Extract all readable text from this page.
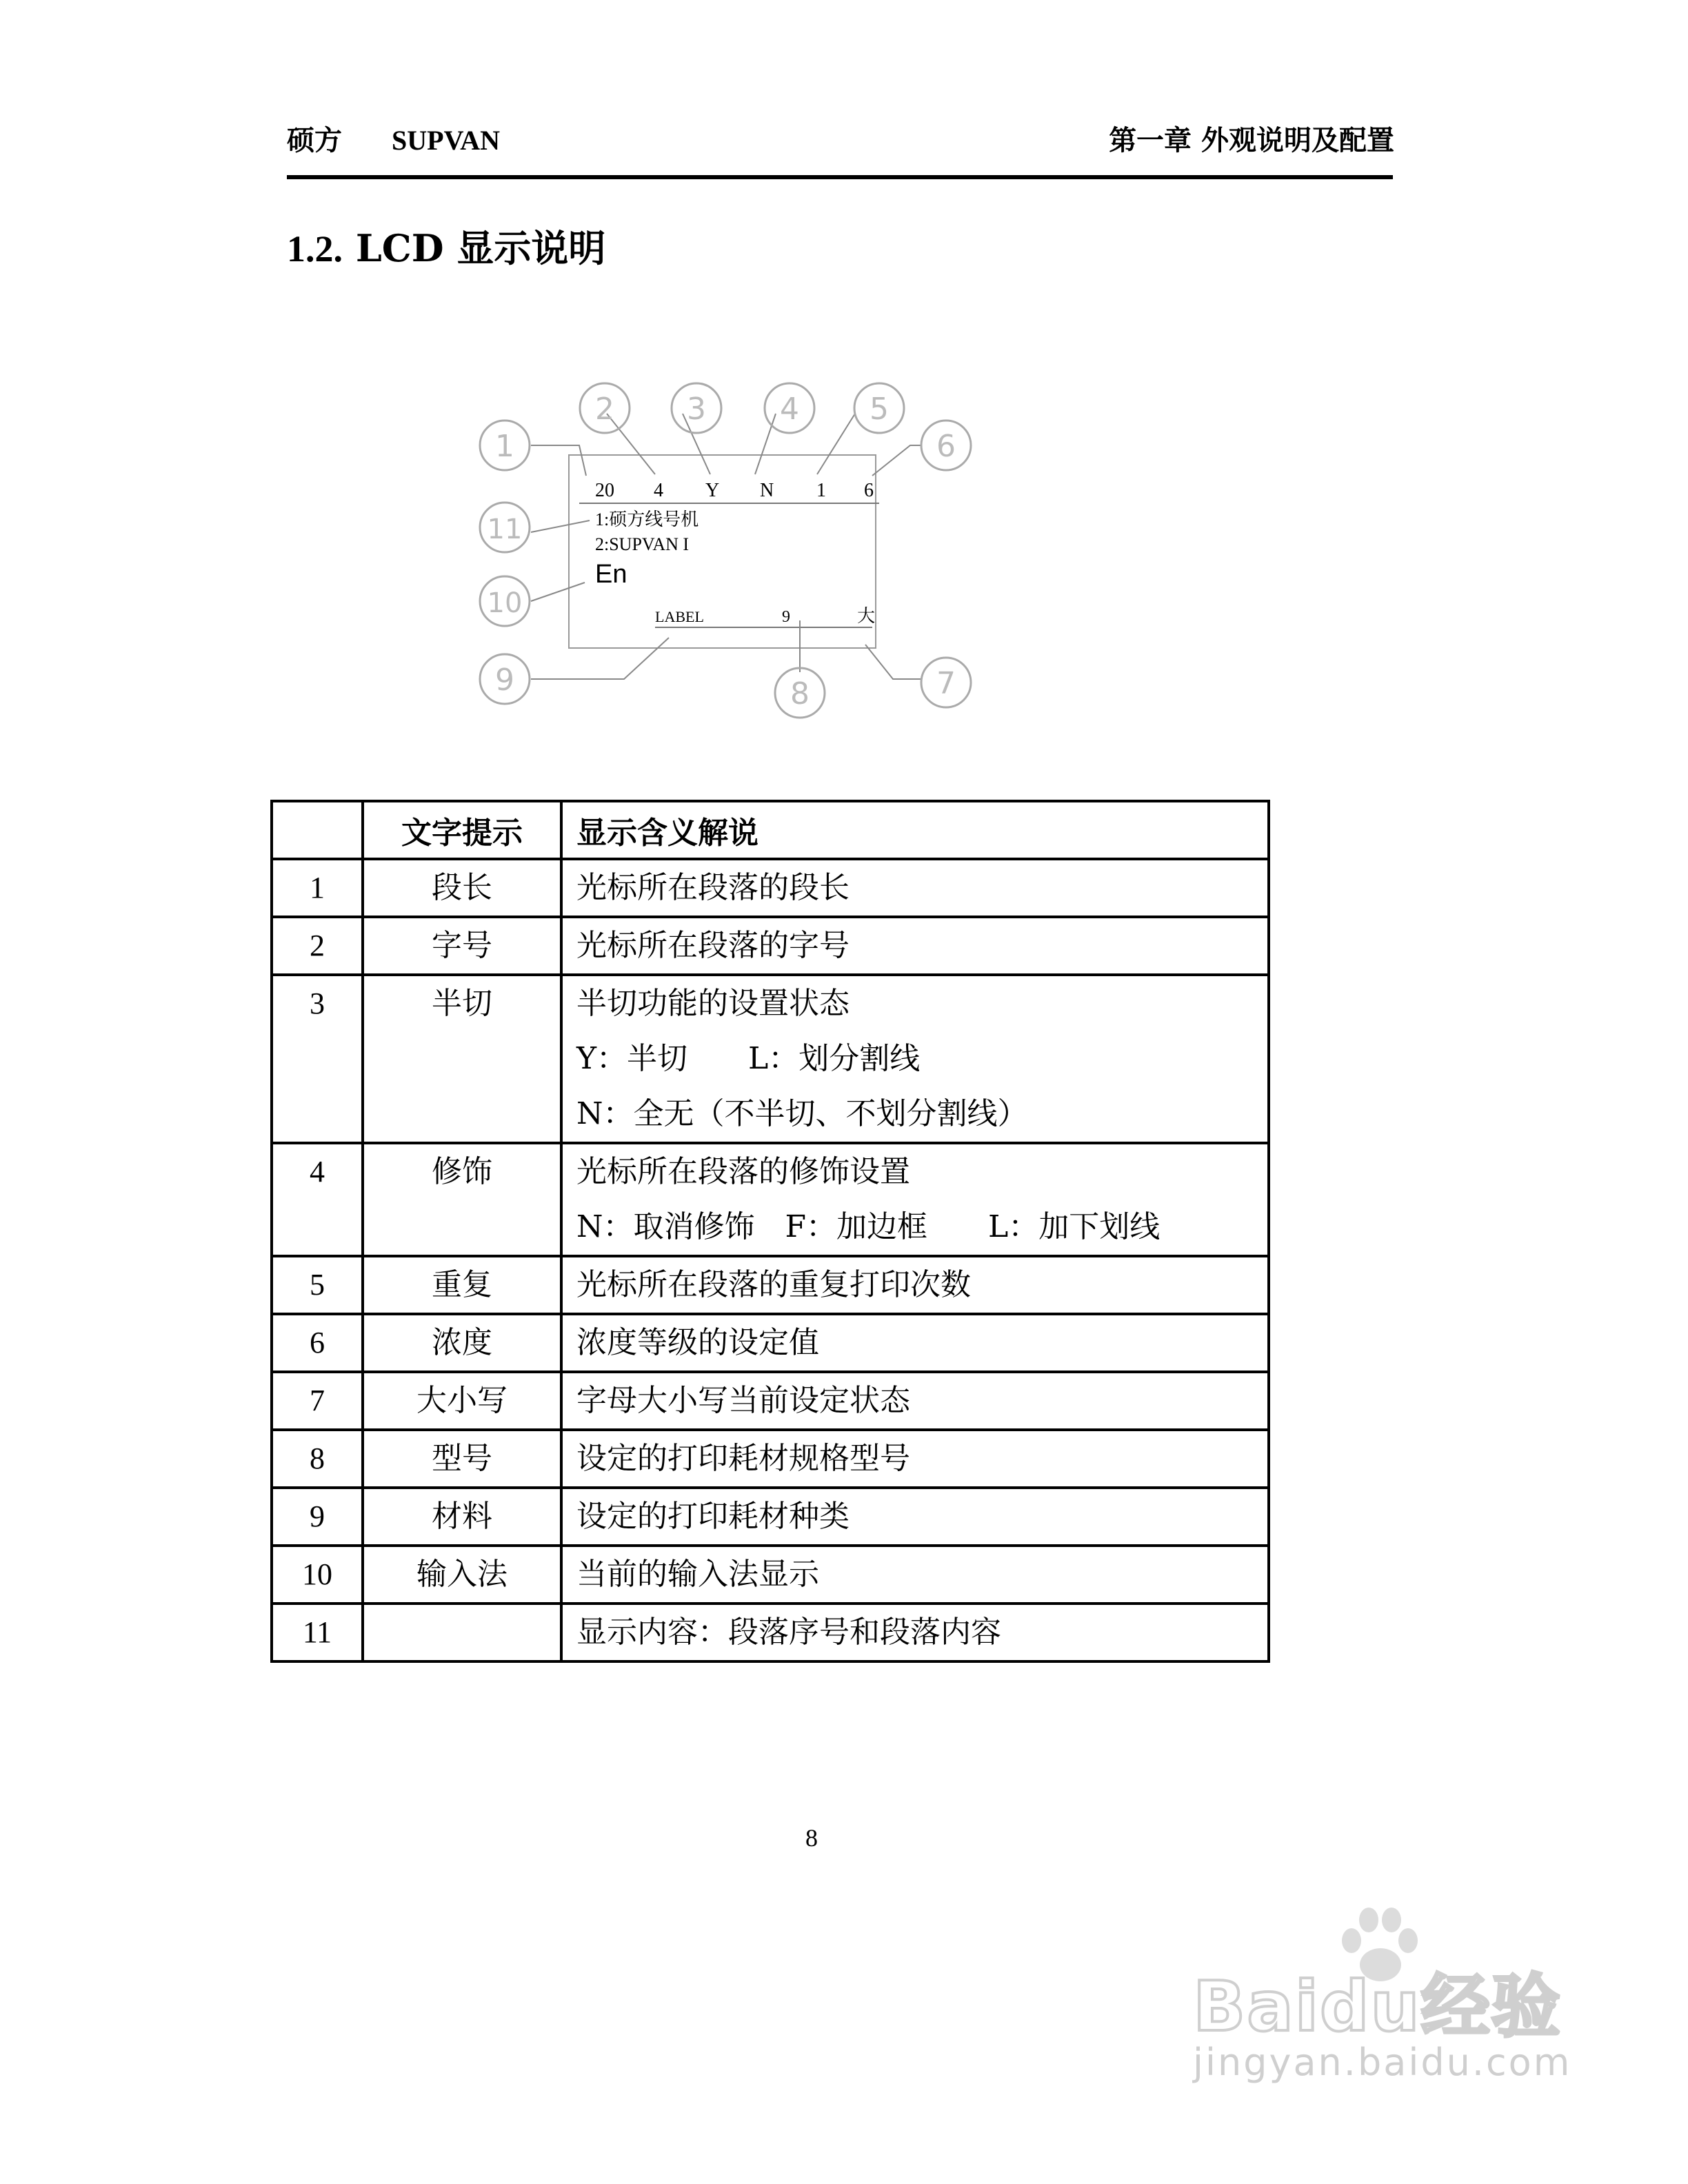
硕方 SUPVAN	第一章 外观说明及配置
1.2. LCD 显示说明
1
2 3 4 5
6
7
8
9
10
11
20 4 Y N 1 6
1:硕方线号机
2:SUPVAN I
En
LABEL	9	大
	文字提示	显示含义解说

1	段长	光标所在段落的段长

2	字号	光标所在段落的字号

3	半切	半切功能的设置状态
Y：半切　　L：划分割线
N：全无（不半切、不划分割线）

4	修饰	光标所在段落的修饰设置
N：取消修饰　F：加边框　　L：加下划线

5	重复	光标所在段落的重复打印次数

6	浓度	浓度等级的设定值

7	大小写	字母大小写当前设定状态

8	型号	设定的打印耗材规格型号

9	材料	设定的打印耗材种类

10	输入法	当前的输入法显示

11		显示内容：段落序号和段落内容
8
Baidu经验
jingyan.baidu.com
